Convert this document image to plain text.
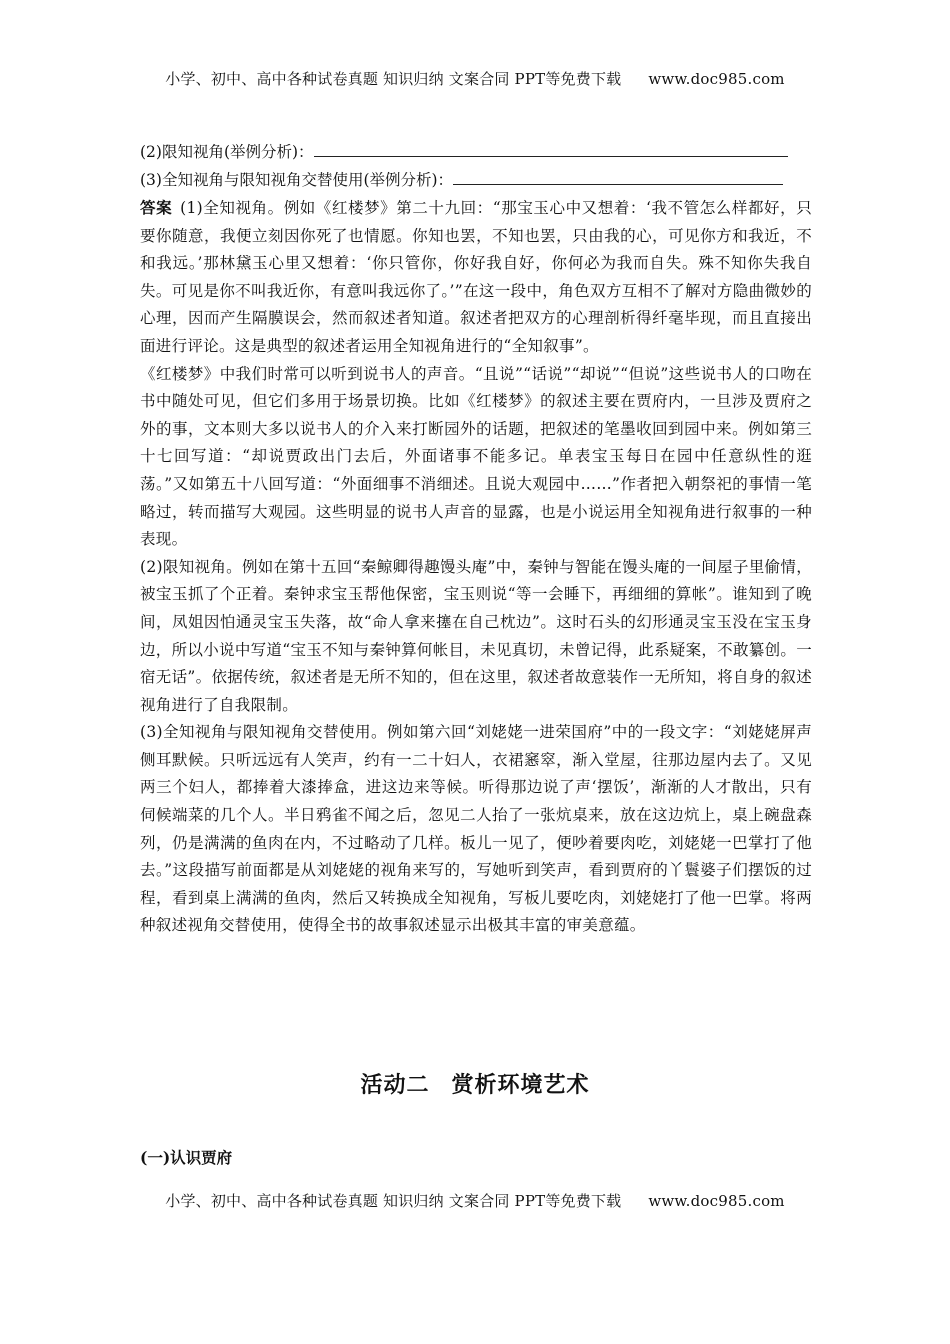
小学、初中、高中各种试卷真题 知识归纳 文案合同 PPT等免费下载 www.doc985.com
(2)限知视角(举例分析)：
(3)全知视角与限知视角交替使用(举例分析)：

答案 (1)全知视角。例如《红楼梦》第二十九回：“那宝玉心中又想着：‘我不管怎么样都好，只要你随意，我便立刻因你死了也情愿。你知也罢，不知也罢，只由我的心，可见你方和我近，不和我远。’那林黛玉心里又想着：‘你只管你，你好我自好，你何必为我而自失。殊不知你失我自失。可见是你不叫我近你，有意叫我远你了。’”在这一段中，角色双方互相不了解对方隐曲微妙的心理，因而产生隔膜误会，然而叙述者知道。叙述者把双方的心理剖析得纤毫毕现，而且直接出面进行评论。这是典型的叙述者运用全知视角进行的“全知叙事”。

《红楼梦》中我们时常可以听到说书人的声音。“且说”“话说”“却说”“但说”这些说书人的口吻在书中随处可见，但它们多用于场景切换。比如《红楼梦》的叙述主要在贾府内，一旦涉及贾府之外的事，文本则大多以说书人的介入来打断园外的话题，把叙述的笔墨收回到园中来。例如第三十七回写道：“却说贾政出门去后，外面诸事不能多记。单表宝玉每日在园中任意纵性的逛荡。”又如第五十八回写道：“外面细事不消细述。且说大观园中……”作者把入朝祭祀的事情一笔略过，转而描写大观园。这些明显的说书人声音的显露，也是小说运用全知视角进行叙事的一种表现。

(2)限知视角。例如在第十五回“秦鲸卿得趣馒头庵”中，秦钟与智能在馒头庵的一间屋子里偷情，被宝玉抓了个正着。秦钟求宝玉帮他保密，宝玉则说“等一会睡下，再细细的算帐”。谁知到了晚间，凤姐因怕通灵宝玉失落，故“命人拿来㩙在自己枕边”。这时石头的幻形通灵宝玉没在宝玉身边，所以小说中写道“宝玉不知与秦钟算何帐目，未见真切，未曾记得，此系疑案，不敢纂创。一宿无话”。依据传统，叙述者是无所不知的，但在这里，叙述者故意装作一无所知，将自身的叙述视角进行了自我限制。

(3)全知视角与限知视角交替使用。例如第六回“刘姥姥一进荣国府”中的一段文字：“刘姥姥屏声侧耳默候。只听远远有人笑声，约有一二十妇人，衣裙窸窣，渐入堂屋，往那边屋内去了。又见两三个妇人，都捧着大漆捧盒，进这边来等候。听得那边说了声‘摆饭’，渐渐的人才散出，只有伺候端菜的几个人。半日鸦雀不闻之后，忽见二人抬了一张炕桌来，放在这边炕上，桌上碗盘森列，仍是满满的鱼肉在内，不过略动了几样。板儿一见了，便吵着要肉吃，刘姥姥一巴掌打了他去。”这段描写前面都是从刘姥姥的视角来写的，写她听到笑声，看到贾府的丫鬟婆子们摆饭的过程，看到桌上满满的鱼肉，然后又转换成全知视角，写板儿要吃肉，刘姥姥打了他一巴掌。将两种叙述视角交替使用，使得全书的故事叙述显示出极其丰富的审美意蕴。

活动二 赏析环境艺术
(一)认识贾府
小学、初中、高中各种试卷真题 知识归纳 文案合同 PPT等免费下载 www.doc985.com
